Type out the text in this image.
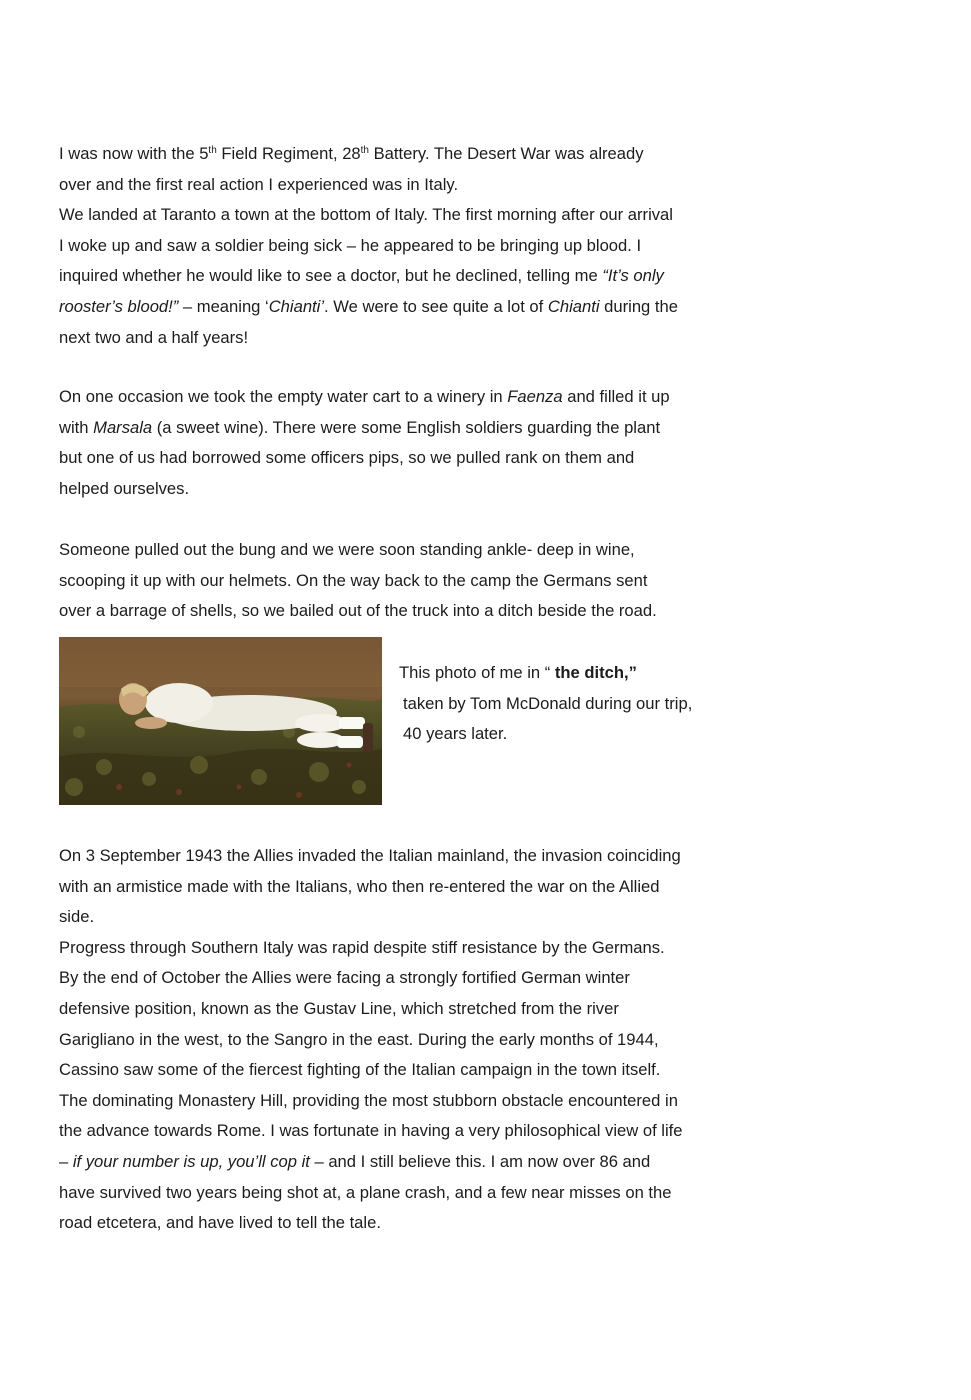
I was now with the 5th Field Regiment, 28th Battery. The Desert War was already
over and the first real action I experienced was in Italy.
We landed at Taranto a town at the bottom of Italy. The first morning after our arrival
I woke up and saw a soldier being sick – he appeared to be bringing up blood. I
inquired whether he would like to see a doctor, but he declined, telling me “It’s only
rooster’s blood!” – meaning ‘Chianti’. We were to see quite a lot of Chianti during the
next two and a half years!
On one occasion we took the empty water cart to a winery in Faenza and filled it up
with Marsala (a sweet wine). There were some English soldiers guarding the plant
but one of us had borrowed some officers pips, so we pulled rank on them and
helped ourselves.
Someone pulled out the bung and we were soon standing ankle- deep in wine,
scooping it up with our helmets. On the way back to the camp the Germans sent
over a barrage of shells, so we bailed out of the truck into a ditch beside the road.
This photo of me in “ the ditch,”
taken by Tom McDonald during our trip,
40 years later.
On 3 September 1943 the Allies invaded the Italian mainland, the invasion coinciding
with an armistice made with the Italians, who then re-entered the war on the Allied
side.
Progress through Southern Italy was rapid despite stiff resistance by the Germans.
By the end of October the Allies were facing a strongly fortified German winter
defensive position, known as the Gustav Line, which stretched from the river
Garigliano in the west, to the Sangro in the east. During the early months of 1944,
Cassino saw some of the fiercest fighting of the Italian campaign in the town itself.
The dominating Monastery Hill, providing the most stubborn obstacle encountered in
the advance towards Rome. I was fortunate in having a very philosophical view of life
– if your number is up, you’ll cop it – and I still believe this. I am now over 86 and
have survived two years being shot at, a plane crash, and a few near misses on the
road etcetera, and have lived to tell the tale.
